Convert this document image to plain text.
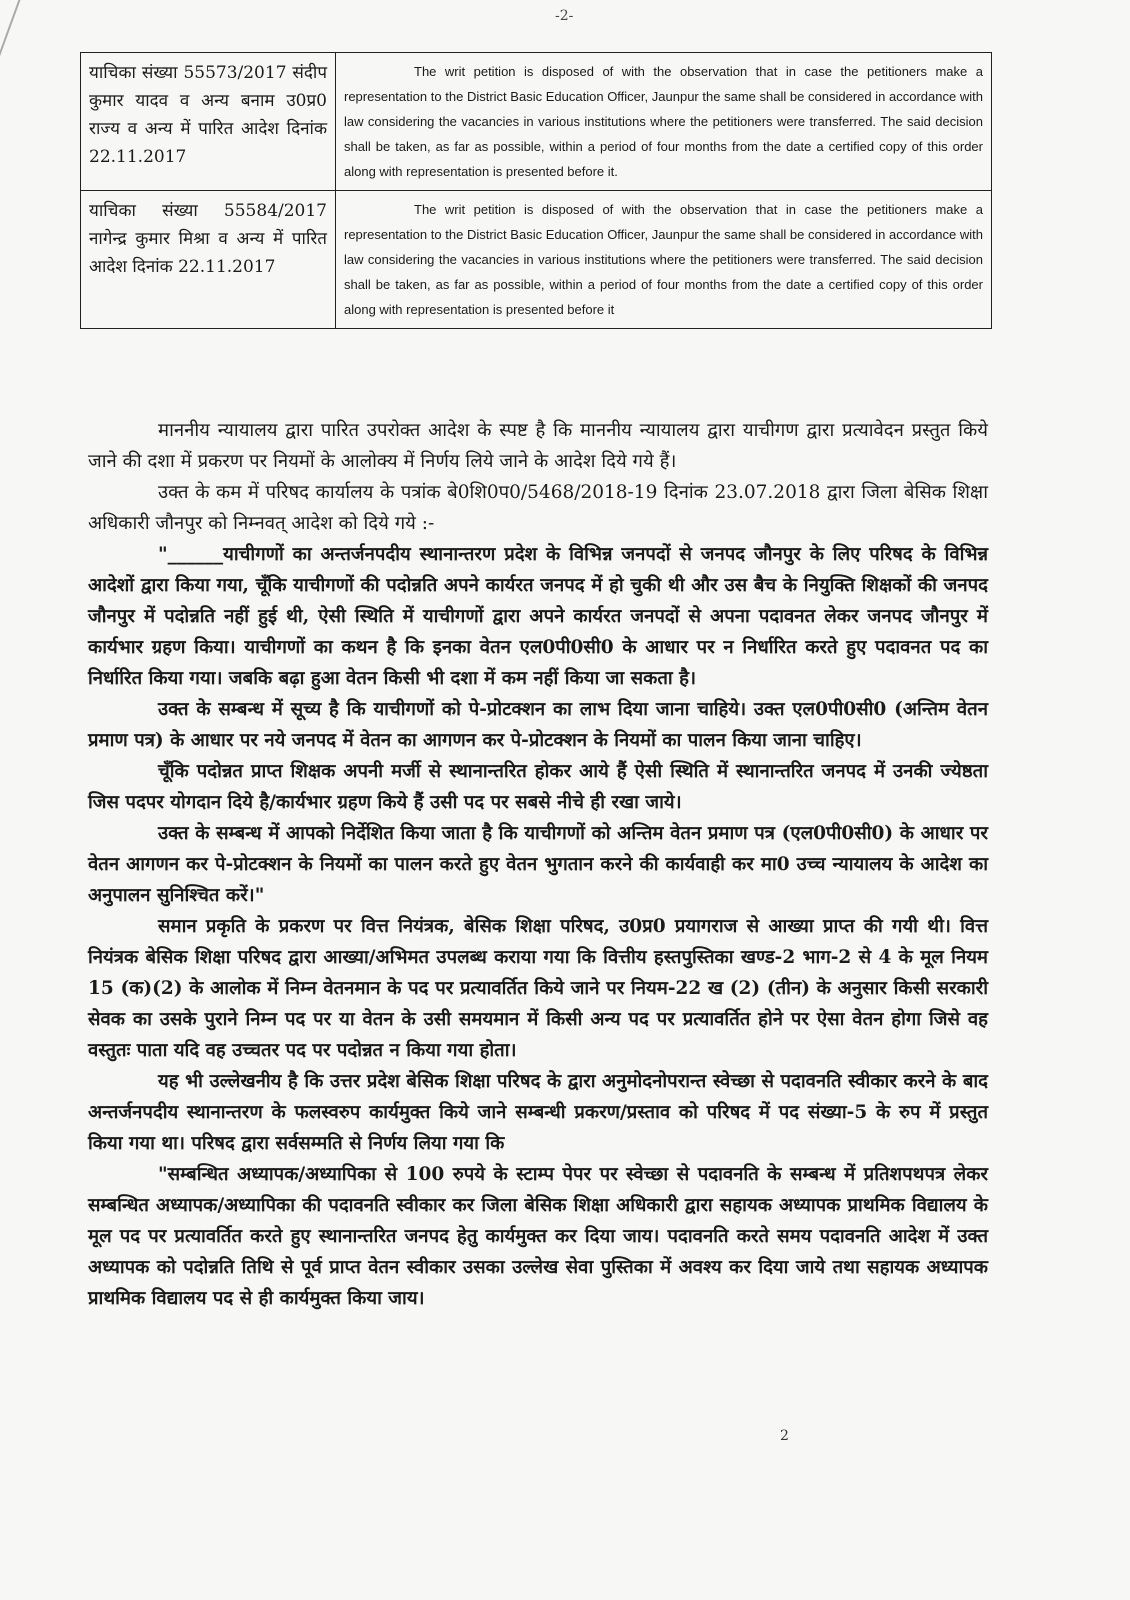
-2-
याचिका संख्या 55573/2017 संदीप कुमार यादव व अन्य बनाम उ0प्र0 राज्य व अन्य में पारित आदेश दिनांक 22.11.2017	The writ petition is disposed of with the observation that in case the petitioners make a representation to the District Basic Education Officer, Jaunpur the same shall be considered in accordance with law considering the vacancies in various institutions where the petitioners were transferred. The said decision shall be taken, as far as possible, within a period of four months from the date a certified copy of this order along with representation is presented before it.

याचिका संख्या 55584/2017 नागेन्द्र कुमार मिश्रा व अन्य में पारित आदेश दिनांक 22.11.2017	The writ petition is disposed of with the observation that in case the petitioners make a representation to the District Basic Education Officer, Jaunpur the same shall be considered in accordance with law considering the vacancies in various institutions where the petitioners were transferred. The said decision shall be taken, as far as possible, within a period of four months from the date a certified copy of this order along with representation is presented before it

माननीय न्यायालय द्वारा पारित उपरोक्त आदेश के स्पष्ट है कि माननीय न्यायालय द्वारा याचीगण द्वारा प्रत्यावेदन प्रस्तुत किये जाने की दशा में प्रकरण पर नियमों के आलोक्य में निर्णय लिये जाने के आदेश दिये गये हैं।

उक्त के कम में परिषद कार्यालय के पत्रांक बे0शि0प0/5468/2018-19 दिनांक 23.07.2018 द्वारा जिला बेसिक शिक्षा अधिकारी जौनपुर को निम्नवत् आदेश को दिये गये :-

"______याचीगणों का अन्तर्जनपदीय स्थानान्तरण प्रदेश के विभिन्न जनपदों से जनपद जौनपुर के लिए परिषद के विभिन्न आदेशों द्वारा किया गया, चूँकि याचीगणों की पदोन्नति अपने कार्यरत जनपद में हो चुकी थी और उस बैच के नियुक्ति शिक्षकों की जनपद जौनपुर में पदोन्नति नहीं हुई थी, ऐसी स्थिति में याचीगणों द्वारा अपने कार्यरत जनपदों से अपना पदावनत लेकर जनपद जौनपुर में कार्यभार ग्रहण किया। याचीगणों का कथन है कि इनका वेतन एल0पी0सी0 के आधार पर न निर्धारित करते हुए पदावनत पद का निर्धारित किया गया। जबकि बढ़ा हुआ वेतन किसी भी दशा में कम नहीं किया जा सकता है।

उक्त के सम्बन्ध में सूच्य है कि याचीगणों को पे-प्रोटक्शन का लाभ दिया जाना चाहिये। उक्त एल0पी0सी0 (अन्तिम वेतन प्रमाण पत्र) के आधार पर नये जनपद में वेतन का आगणन कर पे-प्रोटक्शन के नियमों का पालन किया जाना चाहिए।

चूँकि पदोन्नत प्राप्त शिक्षक अपनी मर्जी से स्थानान्तरित होकर आये हैं ऐसी स्थिति में स्थानान्तरित जनपद में उनकी ज्येष्ठता जिस पदपर योगदान दिये है/कार्यभार ग्रहण किये हैं उसी पद पर सबसे नीचे ही रखा जाये।

उक्त के सम्बन्ध में आपको निर्देशित किया जाता है कि याचीगणों को अन्तिम वेतन प्रमाण पत्र (एल0पी0सी0) के आधार पर वेतन आगणन कर पे-प्रोटक्शन के नियमों का पालन करते हुए वेतन भुगतान करने की कार्यवाही कर मा0 उच्च न्यायालय के आदेश का अनुपालन सुनिश्चित करें।"

समान प्रकृति के प्रकरण पर वित्त नियंत्रक, बेसिक शिक्षा परिषद, उ0प्र0 प्रयागराज से आख्या प्राप्त की गयी थी। वित्त नियंत्रक बेसिक शिक्षा परिषद द्वारा आख्या/अभिमत उपलब्ध कराया गया कि वित्तीय हस्तपुस्तिका खण्ड-2 भाग-2 से 4 के मूल नियम 15 (क)(2) के आलोक में निम्न वेतनमान के पद पर प्रत्यावर्तित किये जाने पर नियम-22 ख (2) (तीन) के अनुसार किसी सरकारी सेवक का उसके पुराने निम्न पद पर या वेतन के उसी समयमान में किसी अन्य पद पर प्रत्यावर्तित होने पर ऐसा वेतन होगा जिसे वह वस्तुतः पाता यदि वह उच्चतर पद पर पदोन्नत न किया गया होता।

यह भी उल्लेखनीय है कि उत्तर प्रदेश बेसिक शिक्षा परिषद के द्वारा अनुमोदनोपरान्त स्वेच्छा से पदावनति स्वीकार करने के बाद अन्तर्जनपदीय स्थानान्तरण के फलस्वरुप कार्यमुक्त किये जाने सम्बन्धी प्रकरण/प्रस्ताव को परिषद में पद संख्या-5 के रुप में प्रस्तुत किया गया था। परिषद द्वारा सर्वसम्मति से निर्णय लिया गया कि

"सम्बन्धित अध्यापक/अध्यापिका से 100 रुपये के स्टाम्प पेपर पर स्वेच्छा से पदावनति के सम्बन्ध में प्रतिशपथपत्र लेकर सम्बन्धित अध्यापक/अध्यापिका की पदावनति स्वीकार कर जिला बेसिक शिक्षा अधिकारी द्वारा सहायक अध्यापक प्राथमिक विद्यालय के मूल पद पर प्रत्यावर्तित करते हुए स्थानान्तरित जनपद हेतु कार्यमुक्त कर दिया जाय। पदावनति करते समय पदावनति आदेश में उक्त अध्यापक को पदोन्नति तिथि से पूर्व प्राप्त वेतन स्वीकार उसका उल्लेख सेवा पुस्तिका में अवश्य कर दिया जाये तथा सहायक अध्यापक प्राथमिक विद्यालय पद से ही कार्यमुक्त किया जाय।

2
